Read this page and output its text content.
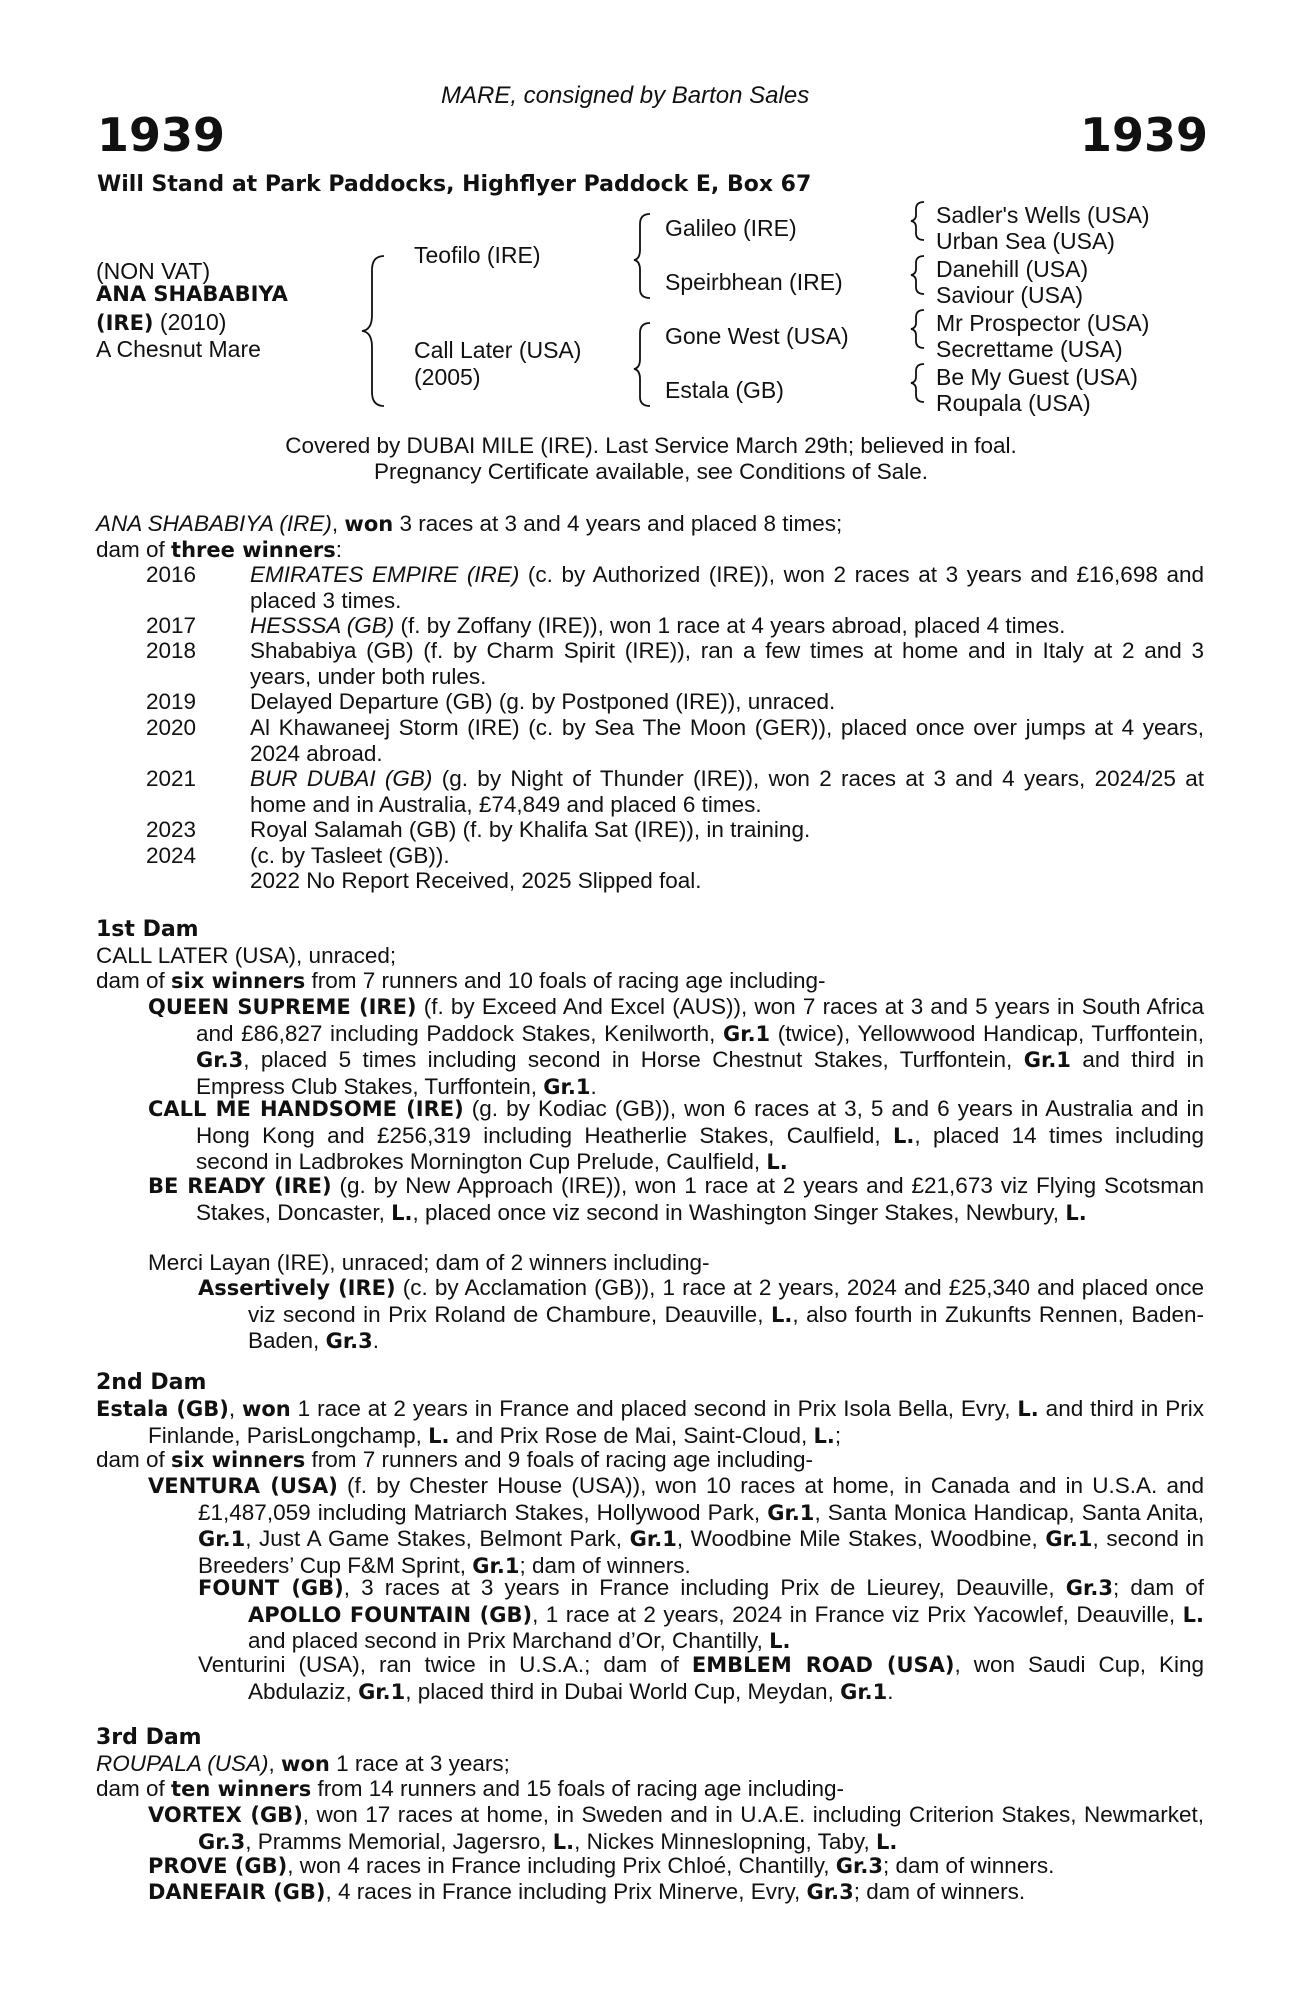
MARE, consigned by Barton Sales
1939	1939
Will Stand at Park Paddocks, Highflyer Paddock E, Box 67
(NON VAT)
ANA SHABABIYA
(IRE) (2010)
A Chesnut Mare
Teofilo (IRE)
Call Later (USA)
(2005)
Galileo (IRE)
Speirbhean (IRE)
Gone West (USA)
Estala (GB)
Sadler's Wells (USA)
Urban Sea (USA)
Danehill (USA)
Saviour (USA)
Mr Prospector (USA)
Secrettame (USA)
Be My Guest (USA)
Roupala (USA)
Covered by DUBAI MILE (IRE). Last Service March 29th; believed in foal.
Pregnancy Certificate available, see Conditions of Sale.
ANA SHABABIYA (IRE), won 3 races at 3 and 4 years and placed 8 times;
dam of three winners:
2016 EMIRATES EMPIRE (IRE) (c. by Authorized (IRE)), won 2 races at 3 years and £16,698 and placed 3 times.
2017 HESSSA (GB) (f. by Zoffany (IRE)), won 1 race at 4 years abroad, placed 4 times.
2018 Shababiya (GB) (f. by Charm Spirit (IRE)), ran a few times at home and in Italy at 2 and 3 years, under both rules.
2019 Delayed Departure (GB) (g. by Postponed (IRE)), unraced.
2020 Al Khawaneej Storm (IRE) (c. by Sea The Moon (GER)), placed once over jumps at 4 years, 2024 abroad.
2021 BUR DUBAI (GB) (g. by Night of Thunder (IRE)), won 2 races at 3 and 4 years, 2024/25 at home and in Australia, £74,849 and placed 6 times.
2023 Royal Salamah (GB) (f. by Khalifa Sat (IRE)), in training.
2024 (c. by Tasleet (GB)).
2022 No Report Received, 2025 Slipped foal.
1st Dam
CALL LATER (USA), unraced;
dam of six winners from 7 runners and 10 foals of racing age including-
QUEEN SUPREME (IRE) (f. by Exceed And Excel (AUS)), won 7 races at 3 and 5 years in South Africa and £86,827 including Paddock Stakes, Kenilworth, Gr.1 (twice), Yellowwood Handicap, Turffontein, Gr.3, placed 5 times including second in Horse Chestnut Stakes, Turffontein, Gr.1 and third in Empress Club Stakes, Turffontein, Gr.1.
CALL ME HANDSOME (IRE) (g. by Kodiac (GB)), won 6 races at 3, 5 and 6 years in Australia and in Hong Kong and £256,319 including Heatherlie Stakes, Caulfield, L., placed 14 times including second in Ladbrokes Mornington Cup Prelude, Caulfield, L.
BE READY (IRE) (g. by New Approach (IRE)), won 1 race at 2 years and £21,673 viz Flying Scotsman Stakes, Doncaster, L., placed once viz second in Washington Singer Stakes, Newbury, L.
Merci Layan (IRE), unraced; dam of 2 winners including-
Assertively (IRE) (c. by Acclamation (GB)), 1 race at 2 years, 2024 and £25,340 and placed once viz second in Prix Roland de Chambure, Deauville, L., also fourth in Zukunfts Rennen, Baden-Baden, Gr.3.
2nd Dam
Estala (GB), won 1 race at 2 years in France and placed second in Prix Isola Bella, Evry, L. and third in Prix Finlande, ParisLongchamp, L. and Prix Rose de Mai, Saint-Cloud, L.;
dam of six winners from 7 runners and 9 foals of racing age including-
VENTURA (USA) (f. by Chester House (USA)), won 10 races at home, in Canada and in U.S.A. and £1,487,059 including Matriarch Stakes, Hollywood Park, Gr.1, Santa Monica Handicap, Santa Anita, Gr.1, Just A Game Stakes, Belmont Park, Gr.1, Woodbine Mile Stakes, Woodbine, Gr.1, second in Breeders’ Cup F&M Sprint, Gr.1; dam of winners.
FOUNT (GB), 3 races at 3 years in France including Prix de Lieurey, Deauville, Gr.3; dam of APOLLO FOUNTAIN (GB), 1 race at 2 years, 2024 in France viz Prix Yacowlef, Deauville, L. and placed second in Prix Marchand d’Or, Chantilly, L.
Venturini (USA), ran twice in U.S.A.; dam of EMBLEM ROAD (USA), won Saudi Cup, King Abdulaziz, Gr.1, placed third in Dubai World Cup, Meydan, Gr.1.
3rd Dam
ROUPALA (USA), won 1 race at 3 years;
dam of ten winners from 14 runners and 15 foals of racing age including-
VORTEX (GB), won 17 races at home, in Sweden and in U.A.E. including Criterion Stakes, Newmarket, Gr.3, Pramms Memorial, Jagersro, L., Nickes Minneslopning, Taby, L.
PROVE (GB), won 4 races in France including Prix Chloé, Chantilly, Gr.3; dam of winners.
DANEFAIR (GB), 4 races in France including Prix Minerve, Evry, Gr.3; dam of winners.
